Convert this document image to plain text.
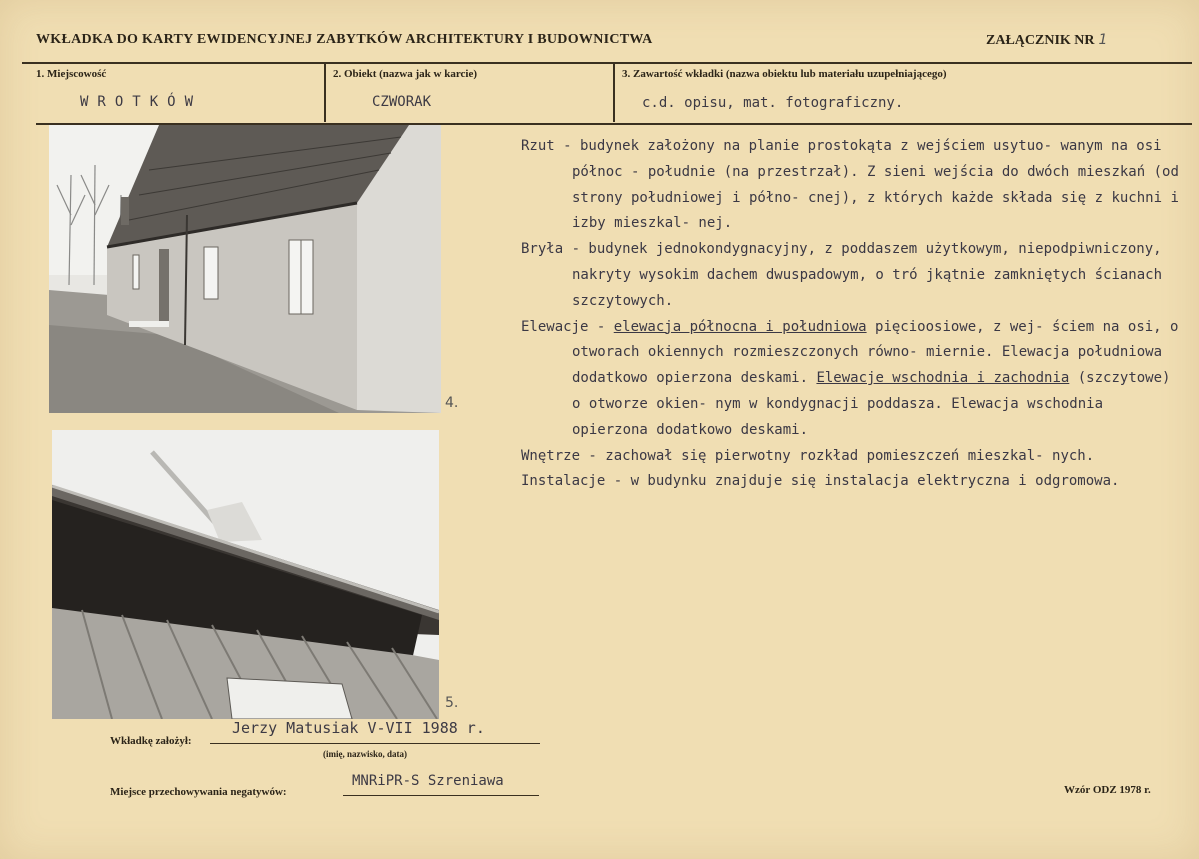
WKŁADKA DO KARTY EWIDENCYJNEJ ZABYTKÓW ARCHITEKTURY I BUDOWNICTWA	ZAŁĄCZNIK NR 1
1. Miejscowość
WROTKÓW
2. Obiekt (nazwa jak w karcie)
CZWORAK
3. Zawartość wkładki (nazwa obiektu lub materiału uzupełniającego)
c.d. opisu, mat. fotograficzny.
4.
5.

Rzut - budynek założony na planie prostokąta z wejściem usytuo- wanym na osi północ - południe (na przestrzał). Z sieni wejścia do dwóch mieszkań (od strony południowej i półno- cnej), z których każde składa się z kuchni i izby mieszkal- nej.

Bryła - budynek jednokondygnacyjny, z poddaszem użytkowym, niepodpiwniczony, nakryty wysokim dachem dwuspadowym, o tró jkątnie zamkniętych ścianach szczytowych.

Elewacje - elewacja północna i południowa pięcioosiowe, z wej- ściem na osi, o otworach okiennych rozmieszczonych równo- miernie. Elewacja południowa dodatkowo opierzona deskami. Elewacje wschodnia i zachodnia (szczytowe) o otworze okien- nym w kondygnacji poddasza. Elewacja wschodnia opierzona dodatkowo deskami.

Wnętrze - zachował się pierwotny rozkład pomieszczeń mieszkal- nych.

Instalacje - w budynku znajduje się instalacja elektryczna i odgromowa.

Wkładkę założył:
Jerzy Matusiak V-VII 1988 r.
(imię, nazwisko, data)
Miejsce przechowywania negatywów:
MNRiPR-S Szreniawa
Wzór ODZ 1978 r.
